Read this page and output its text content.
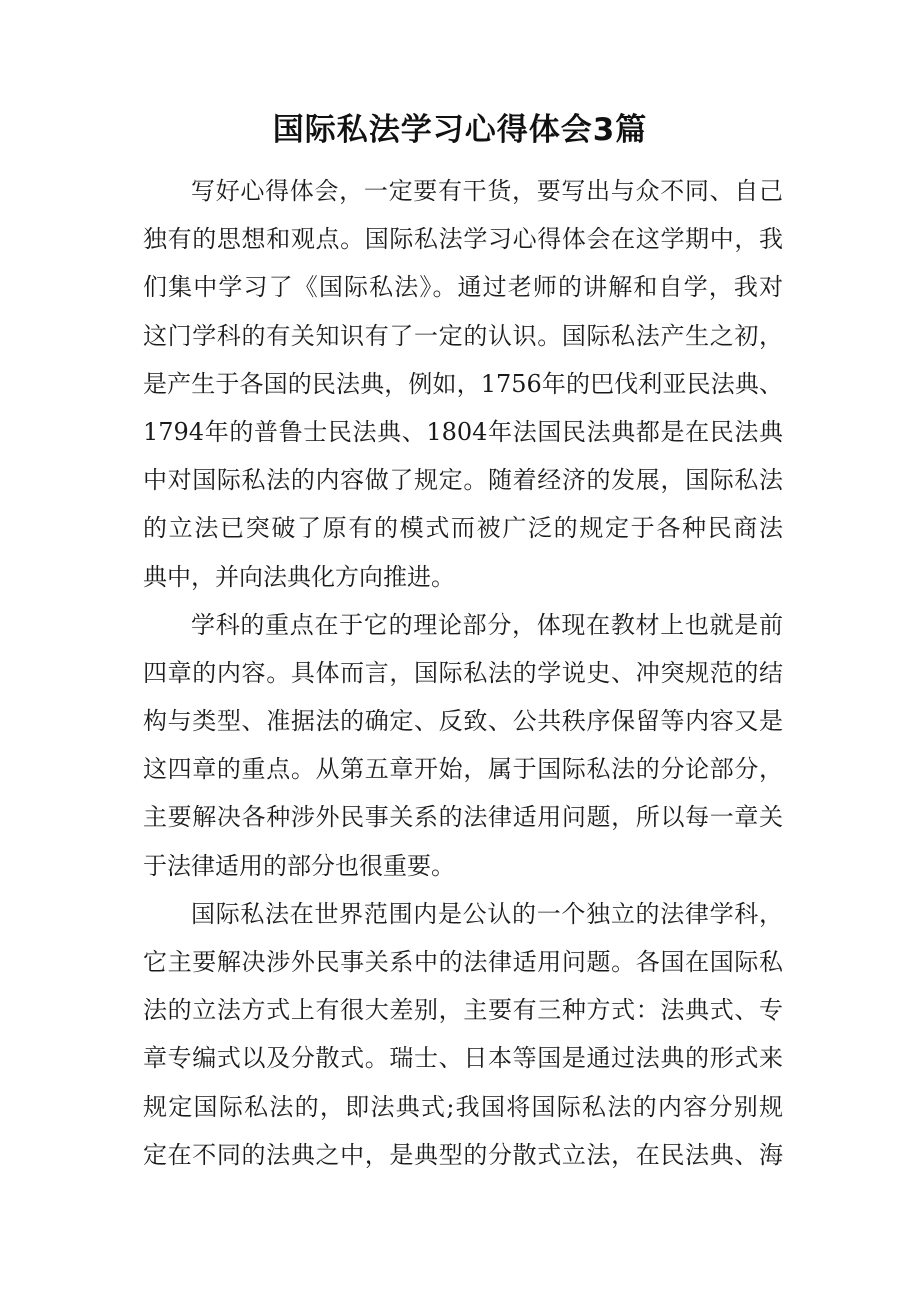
国际私法学习心得体会3篇
写好心得体会，一定要有干货，要写出与众不同、自己
独有的思想和观点。国际私法学习心得体会在这学期中，我
们集中学习了《国际私法》。通过老师的讲解和自学，我对
这门学科的有关知识有了一定的认识。国际私法产生之初，
是产生于各国的民法典，例如，1756年的巴伐利亚民法典、
1794年的普鲁士民法典、1804年法国民法典都是在民法典
中对国际私法的内容做了规定。随着经济的发展，国际私法
的立法已突破了原有的模式而被广泛的规定于各种民商法
典中，并向法典化方向推进。
学科的重点在于它的理论部分，体现在教材上也就是前
四章的内容。具体而言，国际私法的学说史、冲突规范的结
构与类型、准据法的确定、反致、公共秩序保留等内容又是
这四章的重点。从第五章开始，属于国际私法的分论部分，
主要解决各种涉外民事关系的法律适用问题，所以每一章关
于法律适用的部分也很重要。
国际私法在世界范围内是公认的一个独立的法律学科，
它主要解决涉外民事关系中的法律适用问题。各国在国际私
法的立法方式上有很大差别，主要有三种方式：法典式、专
章专编式以及分散式。瑞士、日本等国是通过法典的形式来
规定国际私法的，即法典式;我国将国际私法的内容分别规
定在不同的法典之中，是典型的分散式立法，在民法典、海
